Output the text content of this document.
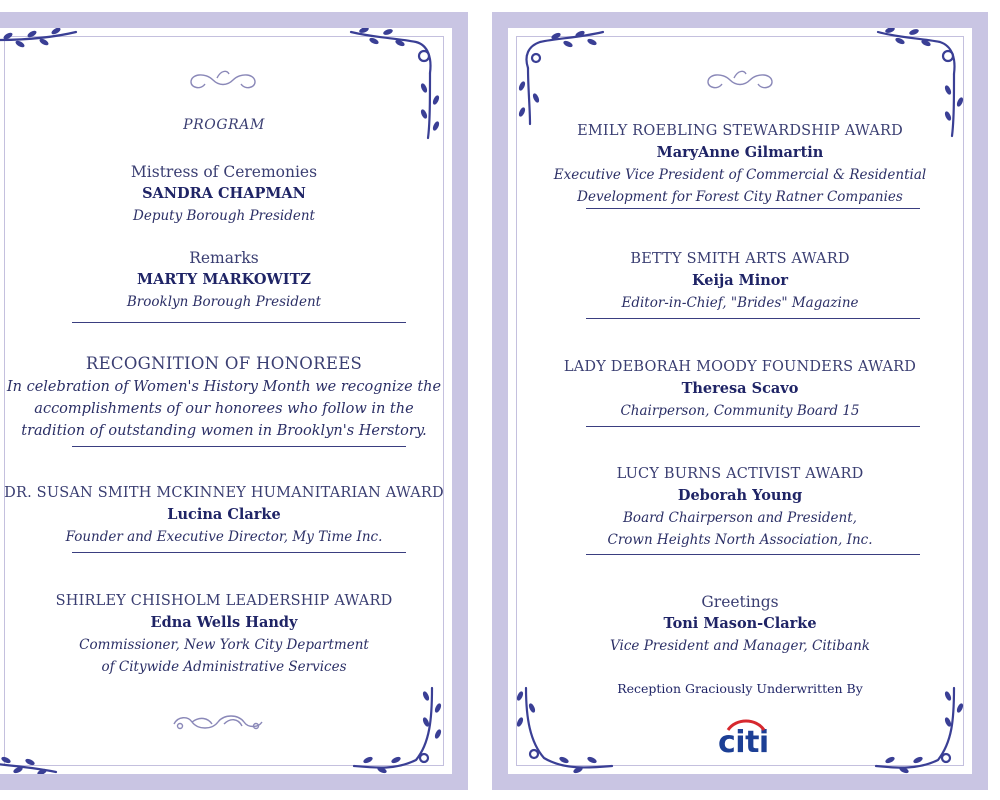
PROGRAM
Mistress of Ceremonies
SANDRA CHAPMAN
Deputy Borough President
Remarks
MARTY MARKOWITZ
Brooklyn Borough President
RECOGNITION OF HONOREES
In celebration of Women's History Month we recognize the
accomplishments of our honorees who follow in the
tradition of outstanding women in Brooklyn's Herstory.
DR. SUSAN SMITH MCKINNEY HUMANITARIAN AWARD
Lucina Clarke
Founder and Executive Director, My Time Inc.
SHIRLEY CHISHOLM LEADERSHIP AWARD
Edna Wells Handy
Commissioner, New York City Department
of Citywide Administrative Services
EMILY ROEBLING STEWARDSHIP AWARD
MaryAnne Gilmartin
Executive Vice President of Commercial & Residential
Development for Forest City Ratner Companies
BETTY SMITH ARTS AWARD
Keija Minor
Editor-in-Chief, "Brides" Magazine
LADY DEBORAH MOODY FOUNDERS AWARD
Theresa Scavo
Chairperson, Community Board 15
LUCY BURNS ACTIVIST AWARD
Deborah Young
Board Chairperson and President,
Crown Heights North Association, Inc.
Greetings
Toni Mason-Clarke
Vice President and Manager, Citibank
Reception Graciously Underwritten By
citi
